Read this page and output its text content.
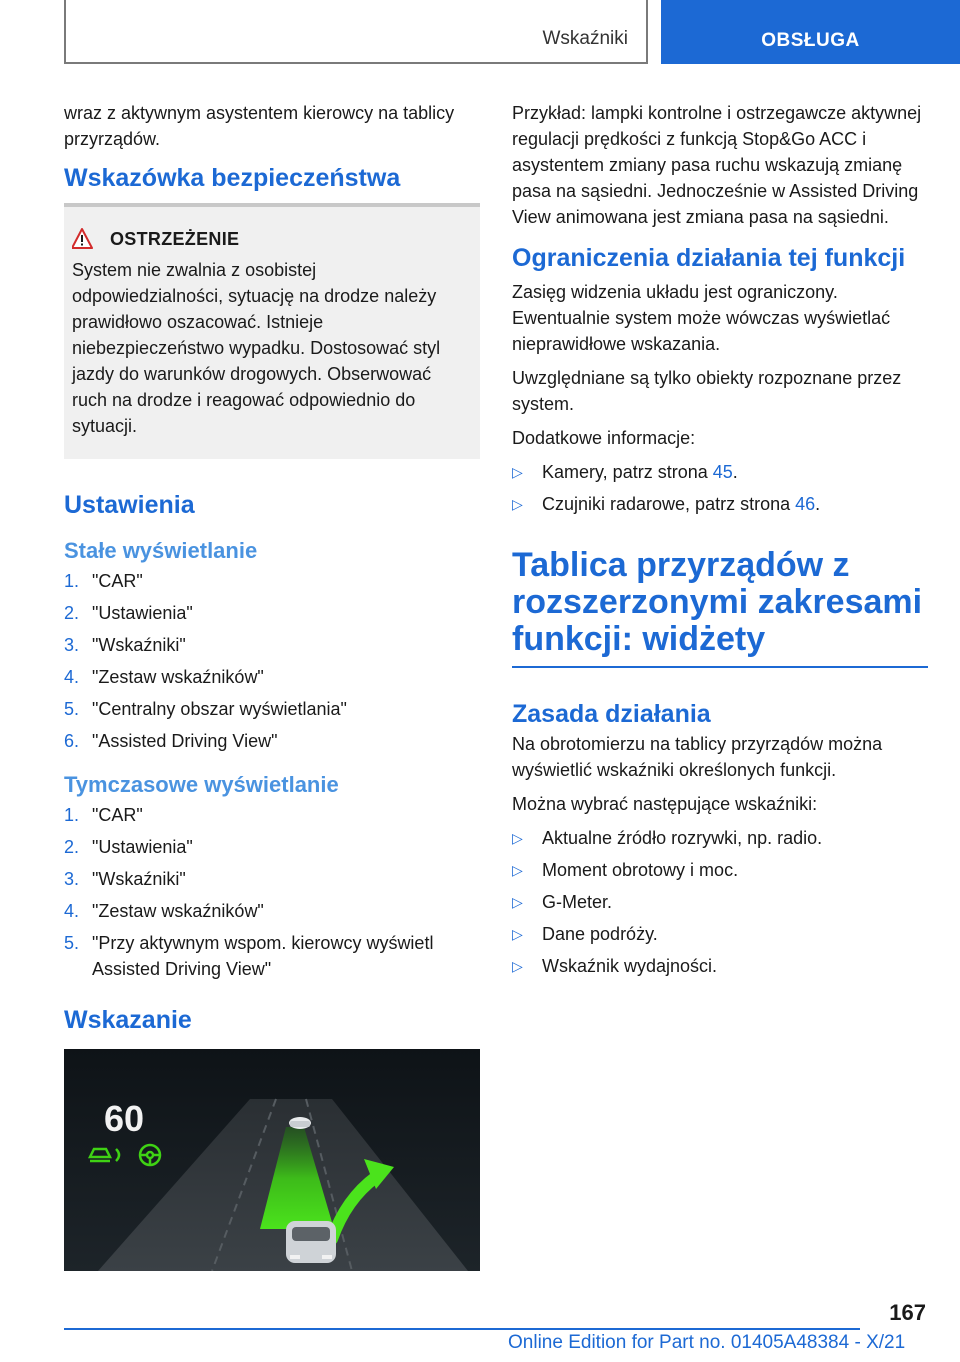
Wskaźniki	OBSŁUGA

wraz z aktywnym asystentem kierowcy na tablicy przyrządów.

Wskazówka bezpieczeństwa
OSTRZEŻENIE

System nie zwalnia z osobistej odpowiedzialności, sytuację na drodze należy prawidłowo oszacować. Istnieje niebezpieczeństwo wypadku. Dostosować styl jazdy do warunków drogowych. Obserwować ruch na drodze i reagować odpowiednio do sytuacji.

Ustawienia
Stałe wyświetlanie
1. "CAR"
2. "Ustawienia"
3. "Wskaźniki"
4. "Zestaw wskaźników"
5. "Centralny obszar wyświetlania"
6. "Assisted Driving View"
Tymczasowe wyświetlanie
1. "CAR"
2. "Ustawienia"
3. "Wskaźniki"
4. "Zestaw wskaźników"
5. "Przy aktywnym wspom. kierowcy wyświetl Assisted Driving View"
Wskazanie
60

Przykład: lampki kontrolne i ostrzegawcze aktywnej regulacji prędkości z funkcją Stop&Go ACC i asystentem zmiany pasa ruchu wskazują zmianę pasa na sąsiedni. Jednocześnie w Assisted Driving View animowana jest zmiana pasa na sąsiedni.

Ograniczenia działania tej funkcji

Zasięg widzenia układu jest ograniczony. Ewentualnie system może wówczas wyświetlać nieprawidłowe wskazania.

Uwzględniane są tylko obiekty rozpoznane przez system.

Dodatkowe informacje:

▷	Kamery, patrz strona 45.
▷	Czujniki radarowe, patrz strona 46.
Tablica przyrządów z rozszerzonymi zakresami funkcji: widżety
Zasada działania

Na obrotomierzu na tablicy przyrządów można wyświetlić wskaźniki określonych funkcji.

Można wybrać następujące wskaźniki:

▷	Aktualne źródło rozrywki, np. radio.
▷	Moment obrotowy i moc.
▷	G-Meter.
▷	Dane podróży.
▷	Wskaźnik wydajności.
167
Online Edition for Part no. 01405A48384 - X/21
